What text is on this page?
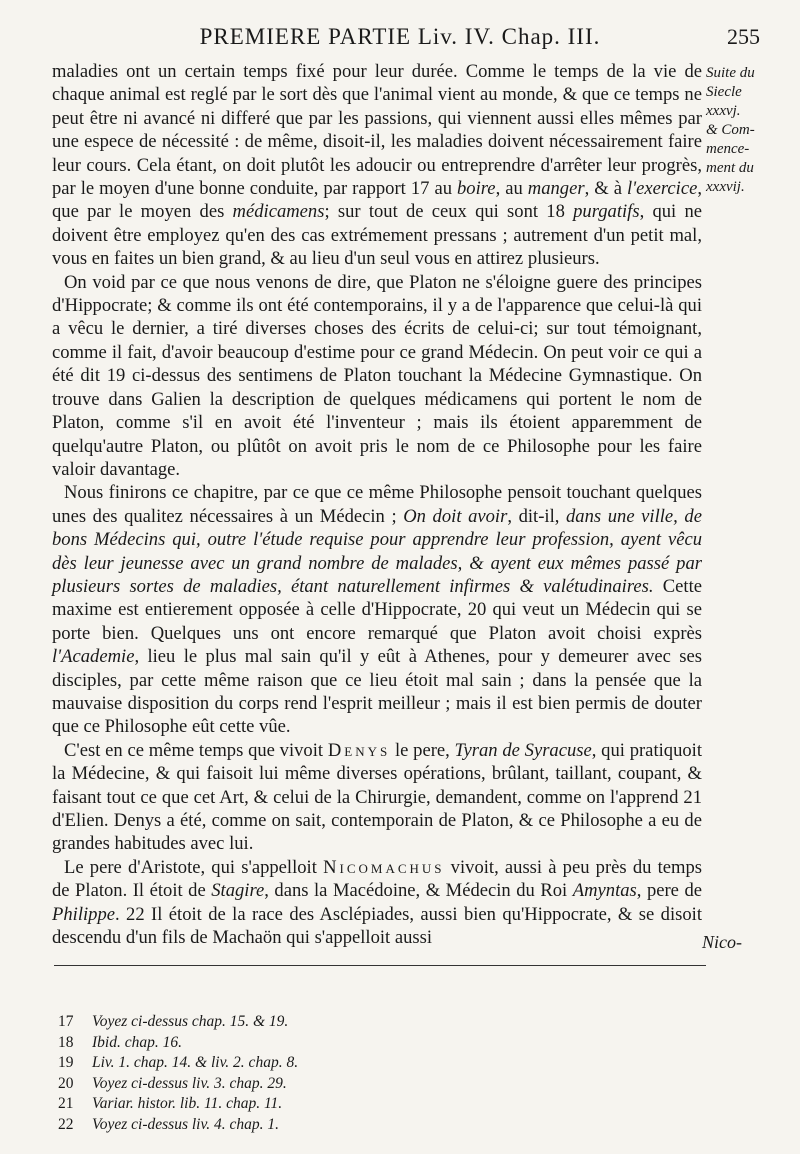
PREMIERE PARTIE Liv. IV. Chap. III.	255
Suite du
Siecle
xxxvj.
& Com-
mence-
ment du
xxxvij.

maladies ont un certain temps fixé pour leur durée. Comme le temps de la vie de chaque animal est reglé par le sort dès que l'animal vient au monde, & que ce temps ne peut être ni avancé ni differé que par les passions, qui viennent aussi elles mêmes par une espece de nécessité : de même, disoit-il, les maladies doivent nécessairement faire leur cours. Cela étant, on doit plutôt les adoucir ou entreprendre d'arrêter leur progrès, par le moyen d'une bonne conduite, par rapport 17 au boire, au manger, & à l'exercice, que par le moyen des médicamens; sur tout de ceux qui sont 18 purgatifs, qui ne doivent être employez qu'en des cas extrémement pressans ; autrement d'un petit mal, vous en faites un bien grand, & au lieu d'un seul vous en attirez plusieurs.

On void par ce que nous venons de dire, que Platon ne s'éloigne guere des principes d'Hippocrate; & comme ils ont été contemporains, il y a de l'apparence que celui-là qui a vêcu le dernier, a tiré diverses choses des écrits de celui-ci; sur tout témoignant, comme il fait, d'avoir beaucoup d'estime pour ce grand Médecin. On peut voir ce qui a été dit 19 ci-dessus des sentimens de Platon touchant la Médecine Gymnastique. On trouve dans Galien la description de quelques médicamens qui portent le nom de Platon, comme s'il en avoit été l'inventeur ; mais ils étoient apparemment de quelqu'autre Platon, ou plûtôt on avoit pris le nom de ce Philosophe pour les faire valoir davantage.

Nous finirons ce chapitre, par ce que ce même Philosophe pensoit touchant quelques unes des qualitez nécessaires à un Médecin ; On doit avoir, dit-il, dans une ville, de bons Médecins qui, outre l'étude requise pour apprendre leur profession, ayent vêcu dès leur jeunesse avec un grand nombre de malades, & ayent eux mêmes passé par plusieurs sortes de maladies, étant naturellement infirmes & valétudinaires. Cette maxime est entierement opposée à celle d'Hippocrate, 20 qui veut un Médecin qui se porte bien. Quelques uns ont encore remarqué que Platon avoit choisi exprès l'Academie, lieu le plus mal sain qu'il y eût à Athenes, pour y demeurer avec ses disciples, par cette même raison que ce lieu étoit mal sain ; dans la pensée que la mauvaise disposition du corps rend l'esprit meilleur ; mais il est bien permis de douter que ce Philosophe eût cette vûe.

C'est en ce même temps que vivoit Denys le pere, Tyran de Syracuse, qui pratiquoit la Médecine, & qui faisoit lui même diverses opérations, brûlant, taillant, coupant, & faisant tout ce que cet Art, & celui de la Chirurgie, demandent, comme on l'apprend 21 d'Elien. Denys a été, comme on sait, contemporain de Platon, & ce Philosophe a eu de grandes habitudes avec lui.

Le pere d'Aristote, qui s'appelloit Nicomachus vivoit, aussi à peu près du temps de Platon. Il étoit de Stagire, dans la Macédoine, & Médecin du Roi Amyntas, pere de Philippe. 22 Il étoit de la race des Asclépiades, aussi bien qu'Hippocrate, & se disoit descendu d'un fils de Machaön qui s'appelloit aussi	Nico-
17 Voyez ci-dessus chap. 15. & 19.
18 Ibid. chap. 16.
19 Liv. 1. chap. 14. & liv. 2. chap. 8.
20 Voyez ci-dessus liv. 3. chap. 29.
21 Variar. histor. lib. 11. chap. 11.
22 Voyez ci-dessus liv. 4. chap. 1.
